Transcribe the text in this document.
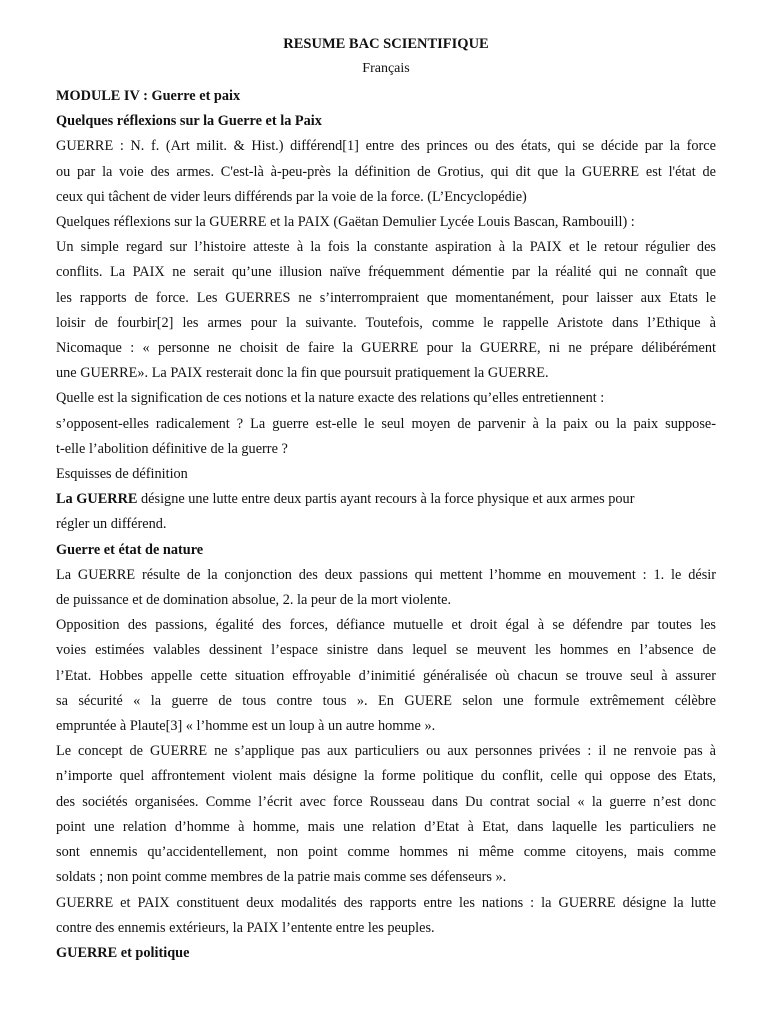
RESUME BAC SCIENTIFIQUE

Français

MODULE IV : Guerre et paix

Quelques réflexions sur la Guerre et la Paix

GUERRE : N. f. (Art milit. & Hist.) différend[1] entre des princes ou des états, qui se décide par la force
ou par la voie des armes. C'est-là à-peu-près la définition de Grotius, qui dit que la GUERRE est l'état de
ceux qui tâchent de vider leurs différends par la voie de la force. (L’Encyclopédie)

Quelques réflexions sur la GUERRE et la PAIX (Gaëtan Demulier Lycée Louis Bascan, Rambouill) :

Un simple regard sur l’histoire atteste à la fois la constante aspiration à la PAIX et le retour régulier des
conflits. La PAIX ne serait qu’une illusion naïve fréquemment démentie par la réalité qui ne connaît que
les rapports de force. Les GUERRES ne s’interrompraient que momentanément, pour laisser aux Etats le
loisir de fourbir[2] les armes pour la suivante. Toutefois, comme le rappelle Aristote dans l’Ethique à
Nicomaque : « personne ne choisit de faire la GUERRE pour la GUERRE, ni ne prépare délibérément
une GUERRE». La PAIX resterait donc la fin que poursuit pratiquement la GUERRE.
Quelle est la signification de ces notions et la nature exacte des relations qu’elles entretiennent :
s’opposent-elles radicalement ? La guerre est-elle le seul moyen de parvenir à la paix ou la paix suppose-
t-elle l’abolition définitive de la guerre ?

Esquisses de définition

La GUERRE désigne une lutte entre deux partis ayant recours à la force physique et aux armes pour
régler un différend.

Guerre et état de nature

La GUERRE résulte de la conjonction des deux passions qui mettent l’homme en mouvement : 1. le désir
de puissance et de domination absolue, 2. la peur de la mort violente.
Opposition des passions, égalité des forces, défiance mutuelle et droit égal à se défendre par toutes les
voies estimées valables dessinent l’espace sinistre dans lequel se meuvent les hommes en l’absence de
l’Etat. Hobbes appelle cette situation effroyable d’inimitié généralisée où chacun se trouve seul à assurer
sa sécurité « la guerre de tous contre tous ». En GUERE selon une formule extrêmement célèbre
empruntée à Plaute[3] « l’homme est un loup à un autre homme ».
Le concept de GUERRE ne s’applique pas aux particuliers ou aux personnes privées : il ne renvoie pas à
n’importe quel affrontement violent mais désigne la forme politique du conflit, celle qui oppose des Etats,
des sociétés organisées. Comme l’écrit avec force Rousseau dans Du contrat social « la guerre n’est donc
point une relation d’homme à homme, mais une relation d’Etat à Etat, dans laquelle les particuliers ne
sont ennemis qu’accidentellement, non point comme hommes ni même comme citoyens, mais comme
soldats ; non point comme membres de la patrie mais comme ses défenseurs ».
GUERRE et PAIX constituent deux modalités des rapports entre les nations : la GUERRE désigne la lutte
contre des ennemis extérieurs, la PAIX l’entente entre les peuples.

GUERRE et politique
